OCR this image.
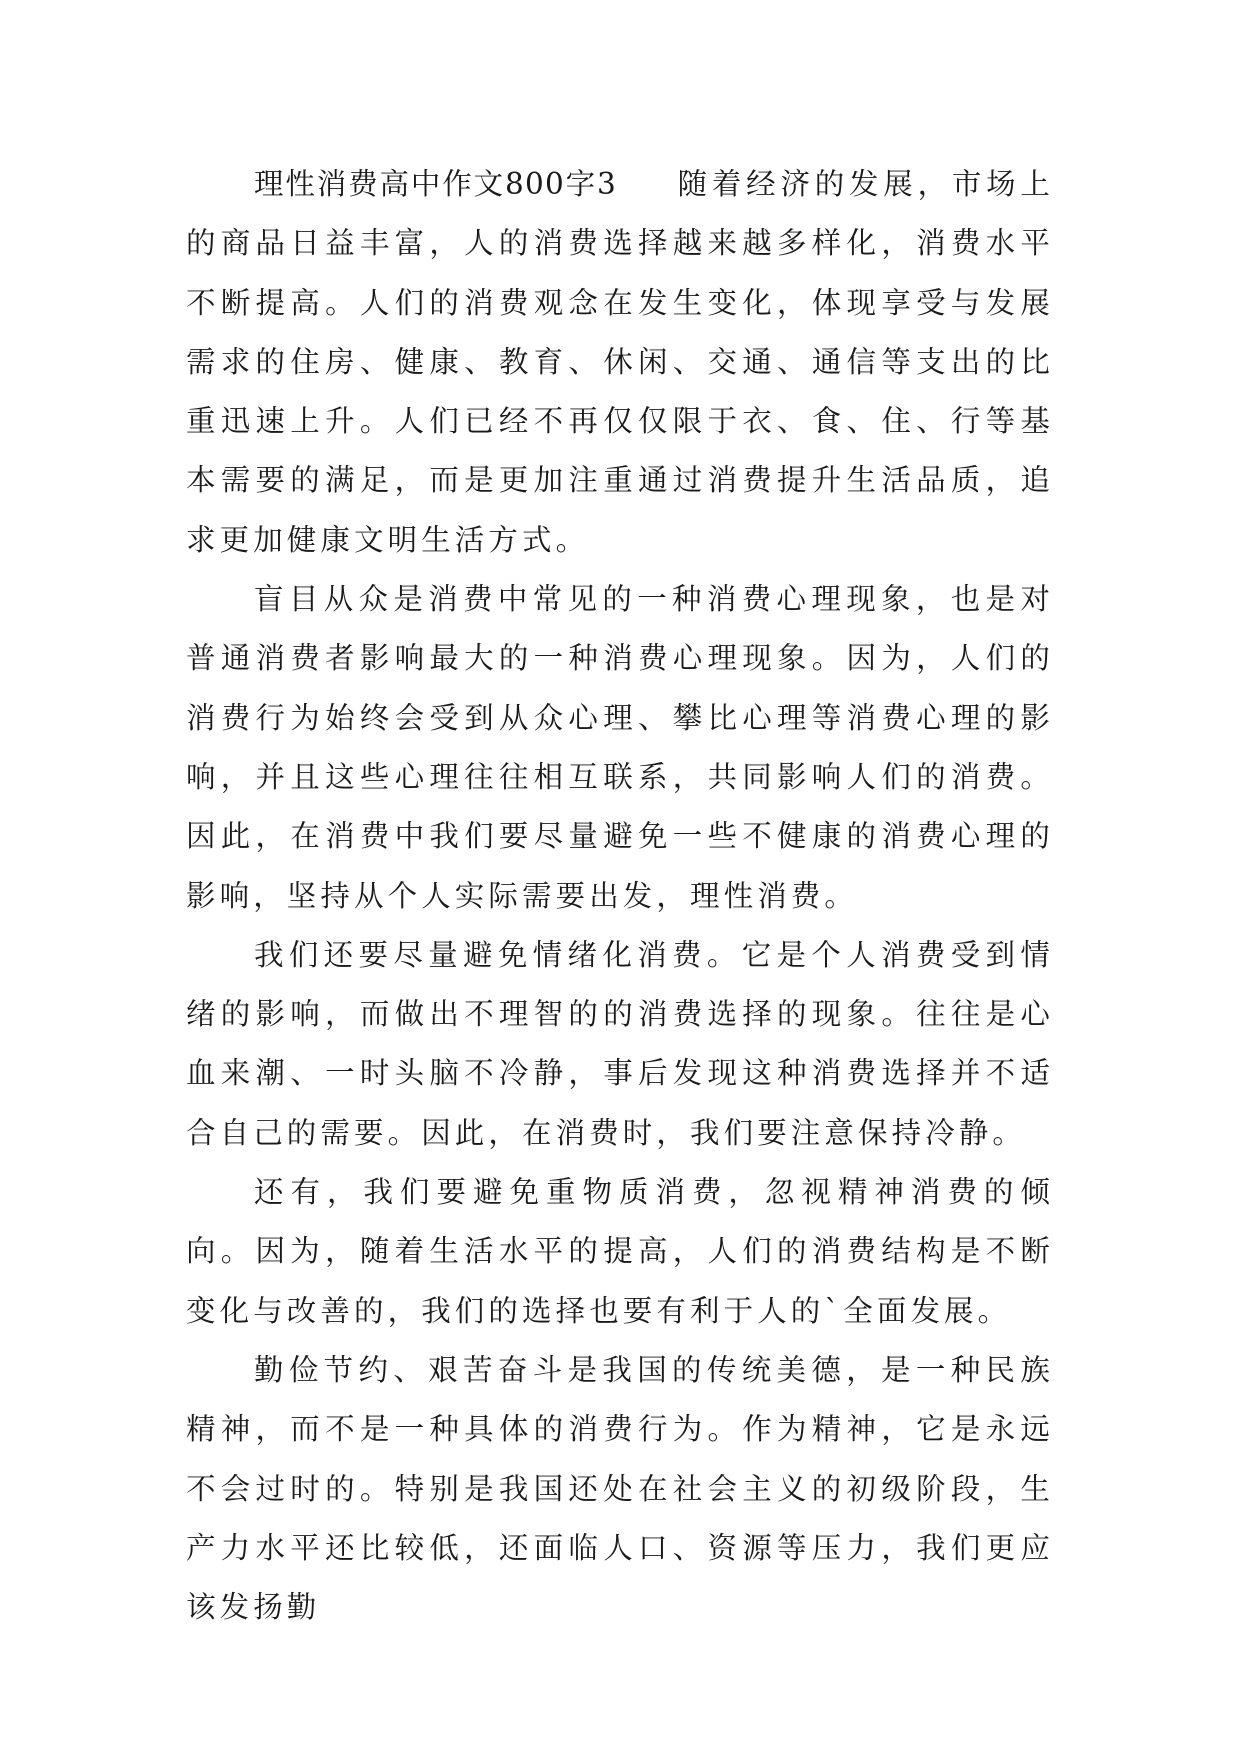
理性消费高中作文800字3 随着经济的发展，市场上的商品日益丰富，人的消费选择越来越多样化，消费水平不断提高。人们的消费观念在发生变化，体现享受与发展需求的住房、健康、教育、休闲、交通、通信等支出的比重迅速上升。人们已经不再仅仅限于衣、食、住、行等基本需要的满足，而是更加注重通过消费提升生活品质，追求更加健康文明生活方式。

盲目从众是消费中常见的一种消费心理现象，也是对普通消费者影响最大的一种消费心理现象。因为，人们的消费行为始终会受到从众心理、攀比心理等消费心理的影响，并且这些心理往往相互联系，共同影响人们的消费。因此，在消费中我们要尽量避免一些不健康的消费心理的影响，坚持从个人实际需要出发，理性消费。

我们还要尽量避免情绪化消费。它是个人消费受到情绪的影响，而做出不理智的的消费选择的现象。往往是心血来潮、一时头脑不冷静，事后发现这种消费选择并不适合自己的需要。因此，在消费时，我们要注意保持冷静。

还有，我们要避免重物质消费，忽视精神消费的倾向。因为，随着生活水平的提高，人们的消费结构是不断变化与改善的，我们的选择也要有利于人的`全面发展。

勤俭节约、艰苦奋斗是我国的传统美德，是一种民族精神，而不是一种具体的消费行为。作为精神，它是永远不会过时的。特别是我国还处在社会主义的初级阶段，生产力水平还比较低，还面临人口、资源等压力，我们更应该发扬勤
